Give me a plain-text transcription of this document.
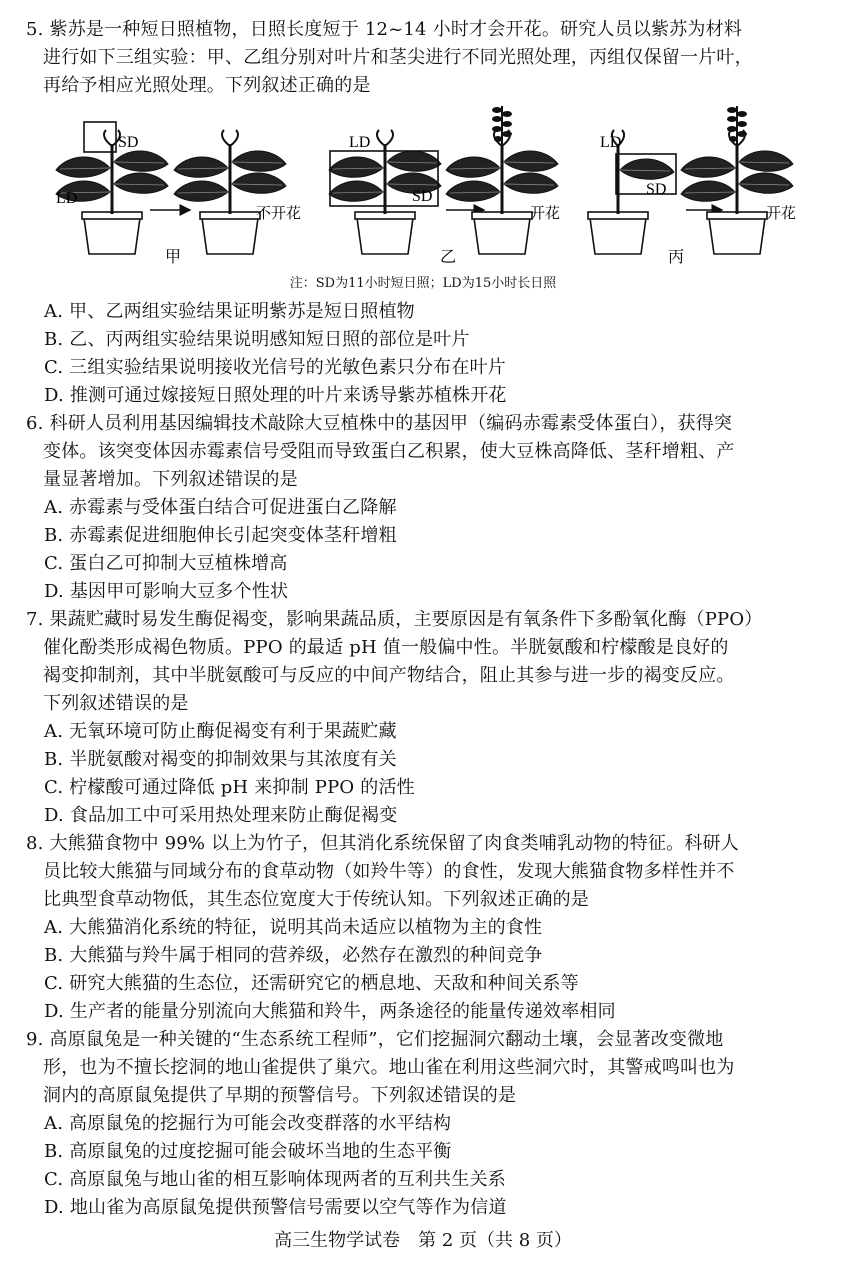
5. 紫苏是一种短日照植物，日照长度短于 12~14 小时才会开花。研究人员以紫苏为材料
进行如下三组实验：甲、乙组分别对叶片和茎尖进行不同光照处理，丙组仅保留一片叶，
再给予相应光照处理。下列叙述正确的是
SD
LD
不开花
甲
LD
SD
开花
乙
LD
SD
开花
丙
注：SD为11小时短日照；LD为15小时长日照
A. 甲、乙两组实验结果证明紫苏是短日照植物
B. 乙、丙两组实验结果说明感知短日照的部位是叶片
C. 三组实验结果说明接收光信号的光敏色素只分布在叶片
D. 推测可通过嫁接短日照处理的叶片来诱导紫苏植株开花
6. 科研人员利用基因编辑技术敲除大豆植株中的基因甲（编码赤霉素受体蛋白），获得突
变体。该突变体因赤霉素信号受阻而导致蛋白乙积累，使大豆株高降低、茎秆增粗、产
量显著增加。下列叙述错误的是
A. 赤霉素与受体蛋白结合可促进蛋白乙降解
B. 赤霉素促进细胞伸长引起突变体茎秆增粗
C. 蛋白乙可抑制大豆植株增高
D. 基因甲可影响大豆多个性状
7. 果蔬贮藏时易发生酶促褐变，影响果蔬品质，主要原因是有氧条件下多酚氧化酶（PPO）
催化酚类形成褐色物质。PPO 的最适 pH 值一般偏中性。半胱氨酸和柠檬酸是良好的
褐变抑制剂，其中半胱氨酸可与反应的中间产物结合，阻止其参与进一步的褐变反应。
下列叙述错误的是
A. 无氧环境可防止酶促褐变有利于果蔬贮藏
B. 半胱氨酸对褐变的抑制效果与其浓度有关
C. 柠檬酸可通过降低 pH 来抑制 PPO 的活性
D. 食品加工中可采用热处理来防止酶促褐变
8. 大熊猫食物中 99% 以上为竹子，但其消化系统保留了肉食类哺乳动物的特征。科研人
员比较大熊猫与同域分布的食草动物（如羚牛等）的食性，发现大熊猫食物多样性并不
比典型食草动物低，其生态位宽度大于传统认知。下列叙述正确的是
A. 大熊猫消化系统的特征，说明其尚未适应以植物为主的食性
B. 大熊猫与羚牛属于相同的营养级，必然存在激烈的种间竞争
C. 研究大熊猫的生态位，还需研究它的栖息地、天敌和种间关系等
D. 生产者的能量分别流向大熊猫和羚牛，两条途径的能量传递效率相同
9. 高原鼠兔是一种关键的“生态系统工程师”，它们挖掘洞穴翻动土壤，会显著改变微地
形，也为不擅长挖洞的地山雀提供了巢穴。地山雀在利用这些洞穴时，其警戒鸣叫也为
洞内的高原鼠兔提供了早期的预警信号。下列叙述错误的是
A. 高原鼠兔的挖掘行为可能会改变群落的水平结构
B. 高原鼠兔的过度挖掘可能会破坏当地的生态平衡
C. 高原鼠兔与地山雀的相互影响体现两者的互利共生关系
D. 地山雀为高原鼠兔提供预警信号需要以空气等作为信道
高三生物学试卷　第 2 页（共 8 页）
